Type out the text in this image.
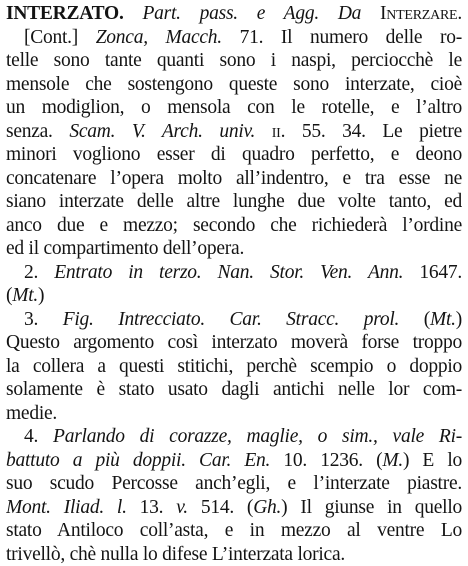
INTERZATO. Part. pass. e Agg. Da Interzare.
[Cont.] Zonca, Macch. 71. Il numero delle ro-
telle sono tante quanti sono i naspi, perciocchè le
mensole che sostengono queste sono interzate, cioè
un modiglion, o mensola con le rotelle, e l’altro
senza. Scam. V. Arch. univ. ii. 55. 34. Le pietre
minori vogliono esser di quadro perfetto, e deono
concatenare l’opera molto all’indentro, e tra esse ne
siano interzate delle altre lunghe due volte tanto, ed
anco due e mezzo; secondo che richiederà l’ordine
ed il compartimento dell’opera.
2. Entrato in terzo. Nan. Stor. Ven. Ann. 1647.
(Mt.)
3. Fig. Intrecciato. Car. Stracc. prol. (Mt.)
Questo argomento così interzato moverà forse troppo
la collera a questi stitichi, perchè scempio o doppio
solamente è stato usato dagli antichi nelle lor com-
medie.
4. Parlando di corazze, maglie, o sim., vale Ri-
battuto a più doppii. Car. En. 10. 1236. (M.) E lo
suo scudo Percosse anch’egli, e l’interzate piastre.
Mont. Iliad. l. 13. v. 514. (Gh.) Il giunse in quello
stato Antiloco coll’asta, e in mezzo al ventre Lo
trivellò, chè nulla lo difese L’interzata lorica.
